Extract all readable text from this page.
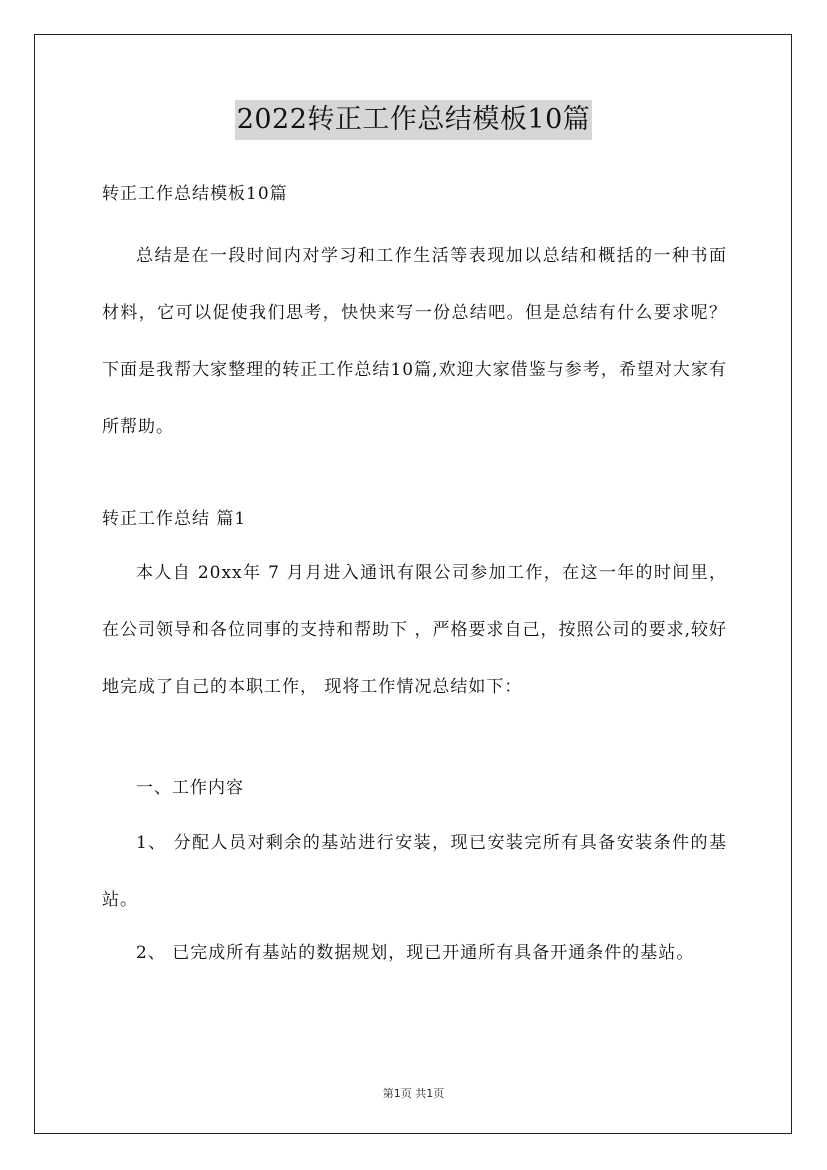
2022转正工作总结模板10篇
转正工作总结模板10篇
总结是在一段时间内对学习和工作生活等表现加以总结和概括的一种书面材料，它可以促使我们思考，快快来写一份总结吧。但是总结有什么要求呢？下面是我帮大家整理的转正工作总结10篇,欢迎大家借鉴与参考，希望对大家有所帮助。
转正工作总结 篇1
本人自 20xx年 7 月月进入通讯有限公司参加工作，在这一年的时间里，在公司领导和各位同事的支持和帮助下 ，严格要求自己，按照公司的要求,较好地完成了自己的本职工作， 现将工作情况总结如下：
一、工作内容
1、 分配人员对剩余的基站进行安装，现已安装完所有具备安装条件的基站。
2、 已完成所有基站的数据规划，现已开通所有具备开通条件的基站。
第1页 共1页
